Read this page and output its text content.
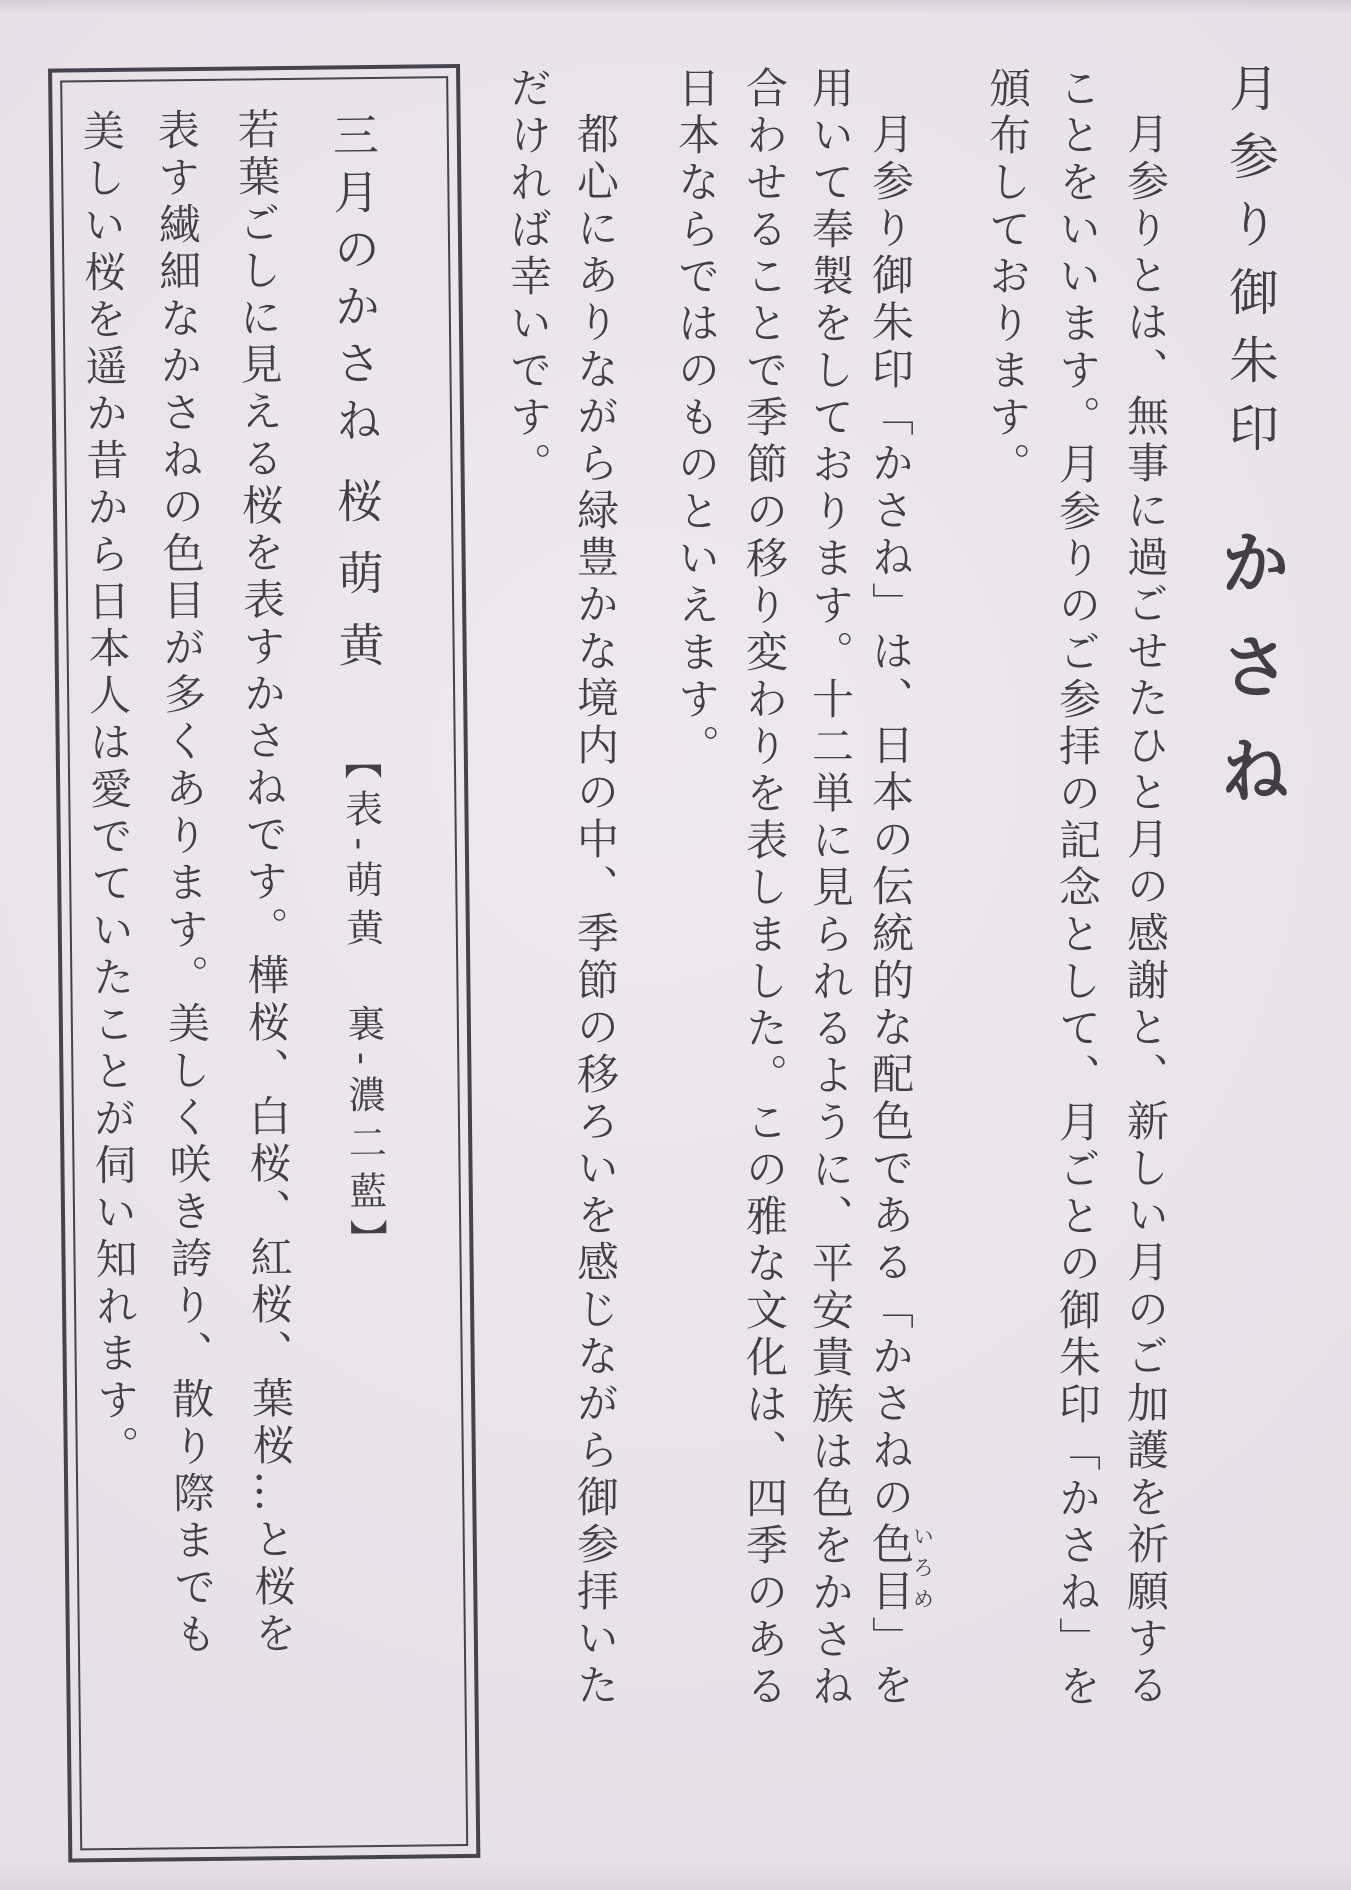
月参り御朱印かさね
月参りとは、無事に過ごせたひと月の感謝と、新しい月のご加護を祈願する
ことをいいます。月参りのご参拝の記念として、月ごとの御朱印「かさね」を
頒布しております。
月参り御朱印「かさね」は、日本の伝統的な配色である「かさねの色目いろめ」を
用いて奉製をしております。十二単に見られるように、平安貴族は色をかさね
合わせることで季節の移り変わりを表しました。この雅な文化は、四季のある
日本ならではのものといえます。
都心にありながら緑豊かな境内の中、季節の移ろいを感じながら御参拝いた
だければ幸いです。
三月のかさね桜萌黄【表‐萌黄　裏‐濃二藍】
若葉ごしに見える桜を表すかさねです。樺桜、白桜、紅桜、葉桜…と桜を
表す繊細なかさねの色目が多くあります。美しく咲き誇り、散り際までも
美しい桜を遥か昔から日本人は愛でていたことが伺い知れます。
